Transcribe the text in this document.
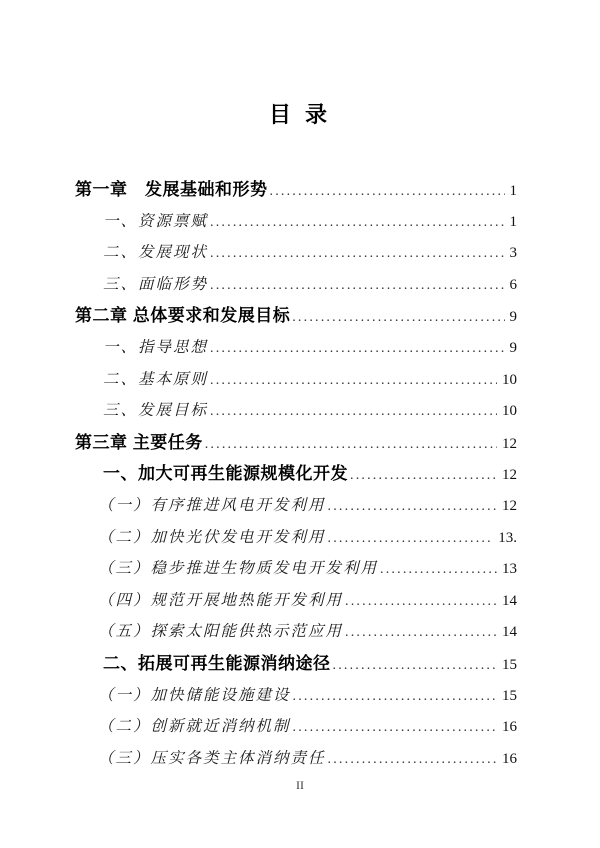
目 录
第一章　发展基础和形势 .....	1
一、资源禀赋 .....	1
二、发展现状 .....	3
三、面临形势 .....	6
第二章 总体要求和发展目标 .....	9
一、指导思想 .....	9
二、基本原则 .....	10
三、发展目标 .....	10
第三章 主要任务 .....	12
一、加大可再生能源规模化开发 .....	12
（一）有序推进风电开发利用 .....	12
（二）加快光伏发电开发利用 .....	13.
（三）稳步推进生物质发电开发利用 .....	13
（四）规范开展地热能开发利用 .....	14
（五）探索太阳能供热示范应用 .....	14
二、拓展可再生能源消纳途径 .....	15
（一）加快储能设施建设 .....	15
（二）创新就近消纳机制 .....	16
（三）压实各类主体消纳责任 .....	16
II
